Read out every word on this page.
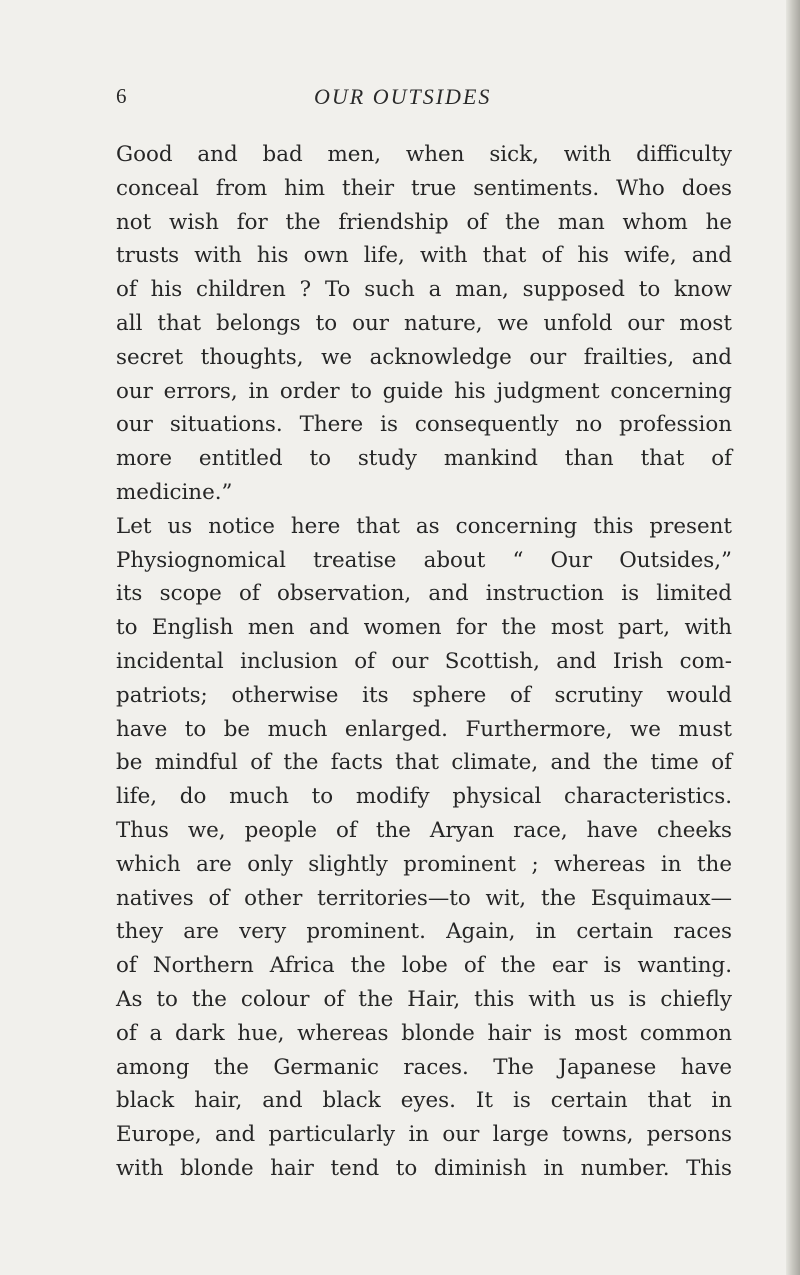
6	OUR OUTSIDES
Good and bad men, when sick, with difficulty
conceal from him their true sentiments. Who does
not wish for the friendship of the man whom he
trusts with his own life, with that of his wife, and
of his children ? To such a man, supposed to know
all that belongs to our nature, we unfold our most
secret thoughts, we acknowledge our frailties, and
our errors, in order to guide his judgment concerning
our situations. There is consequently no profession
more entitled to study mankind than that of
medicine.”
Let us notice here that as concerning this present
Physiognomical treatise about “ Our Outsides,”
its scope of observation, and instruction is limited
to English men and women for the most part, with
incidental inclusion of our Scottish, and Irish com-
patriots; otherwise its sphere of scrutiny would
have to be much enlarged. Furthermore, we must
be mindful of the facts that climate, and the time of
life, do much to modify physical characteristics.
Thus we, people of the Aryan race, have cheeks
which are only slightly prominent ; whereas in the
natives of other territories—to wit, the Esquimaux—
they are very prominent. Again, in certain races
of Northern Africa the lobe of the ear is wanting.
As to the colour of the Hair, this with us is chiefly
of a dark hue, whereas blonde hair is most common
among the Germanic races. The Japanese have
black hair, and black eyes. It is certain that in
Europe, and particularly in our large towns, persons
with blonde hair tend to diminish in number. This
